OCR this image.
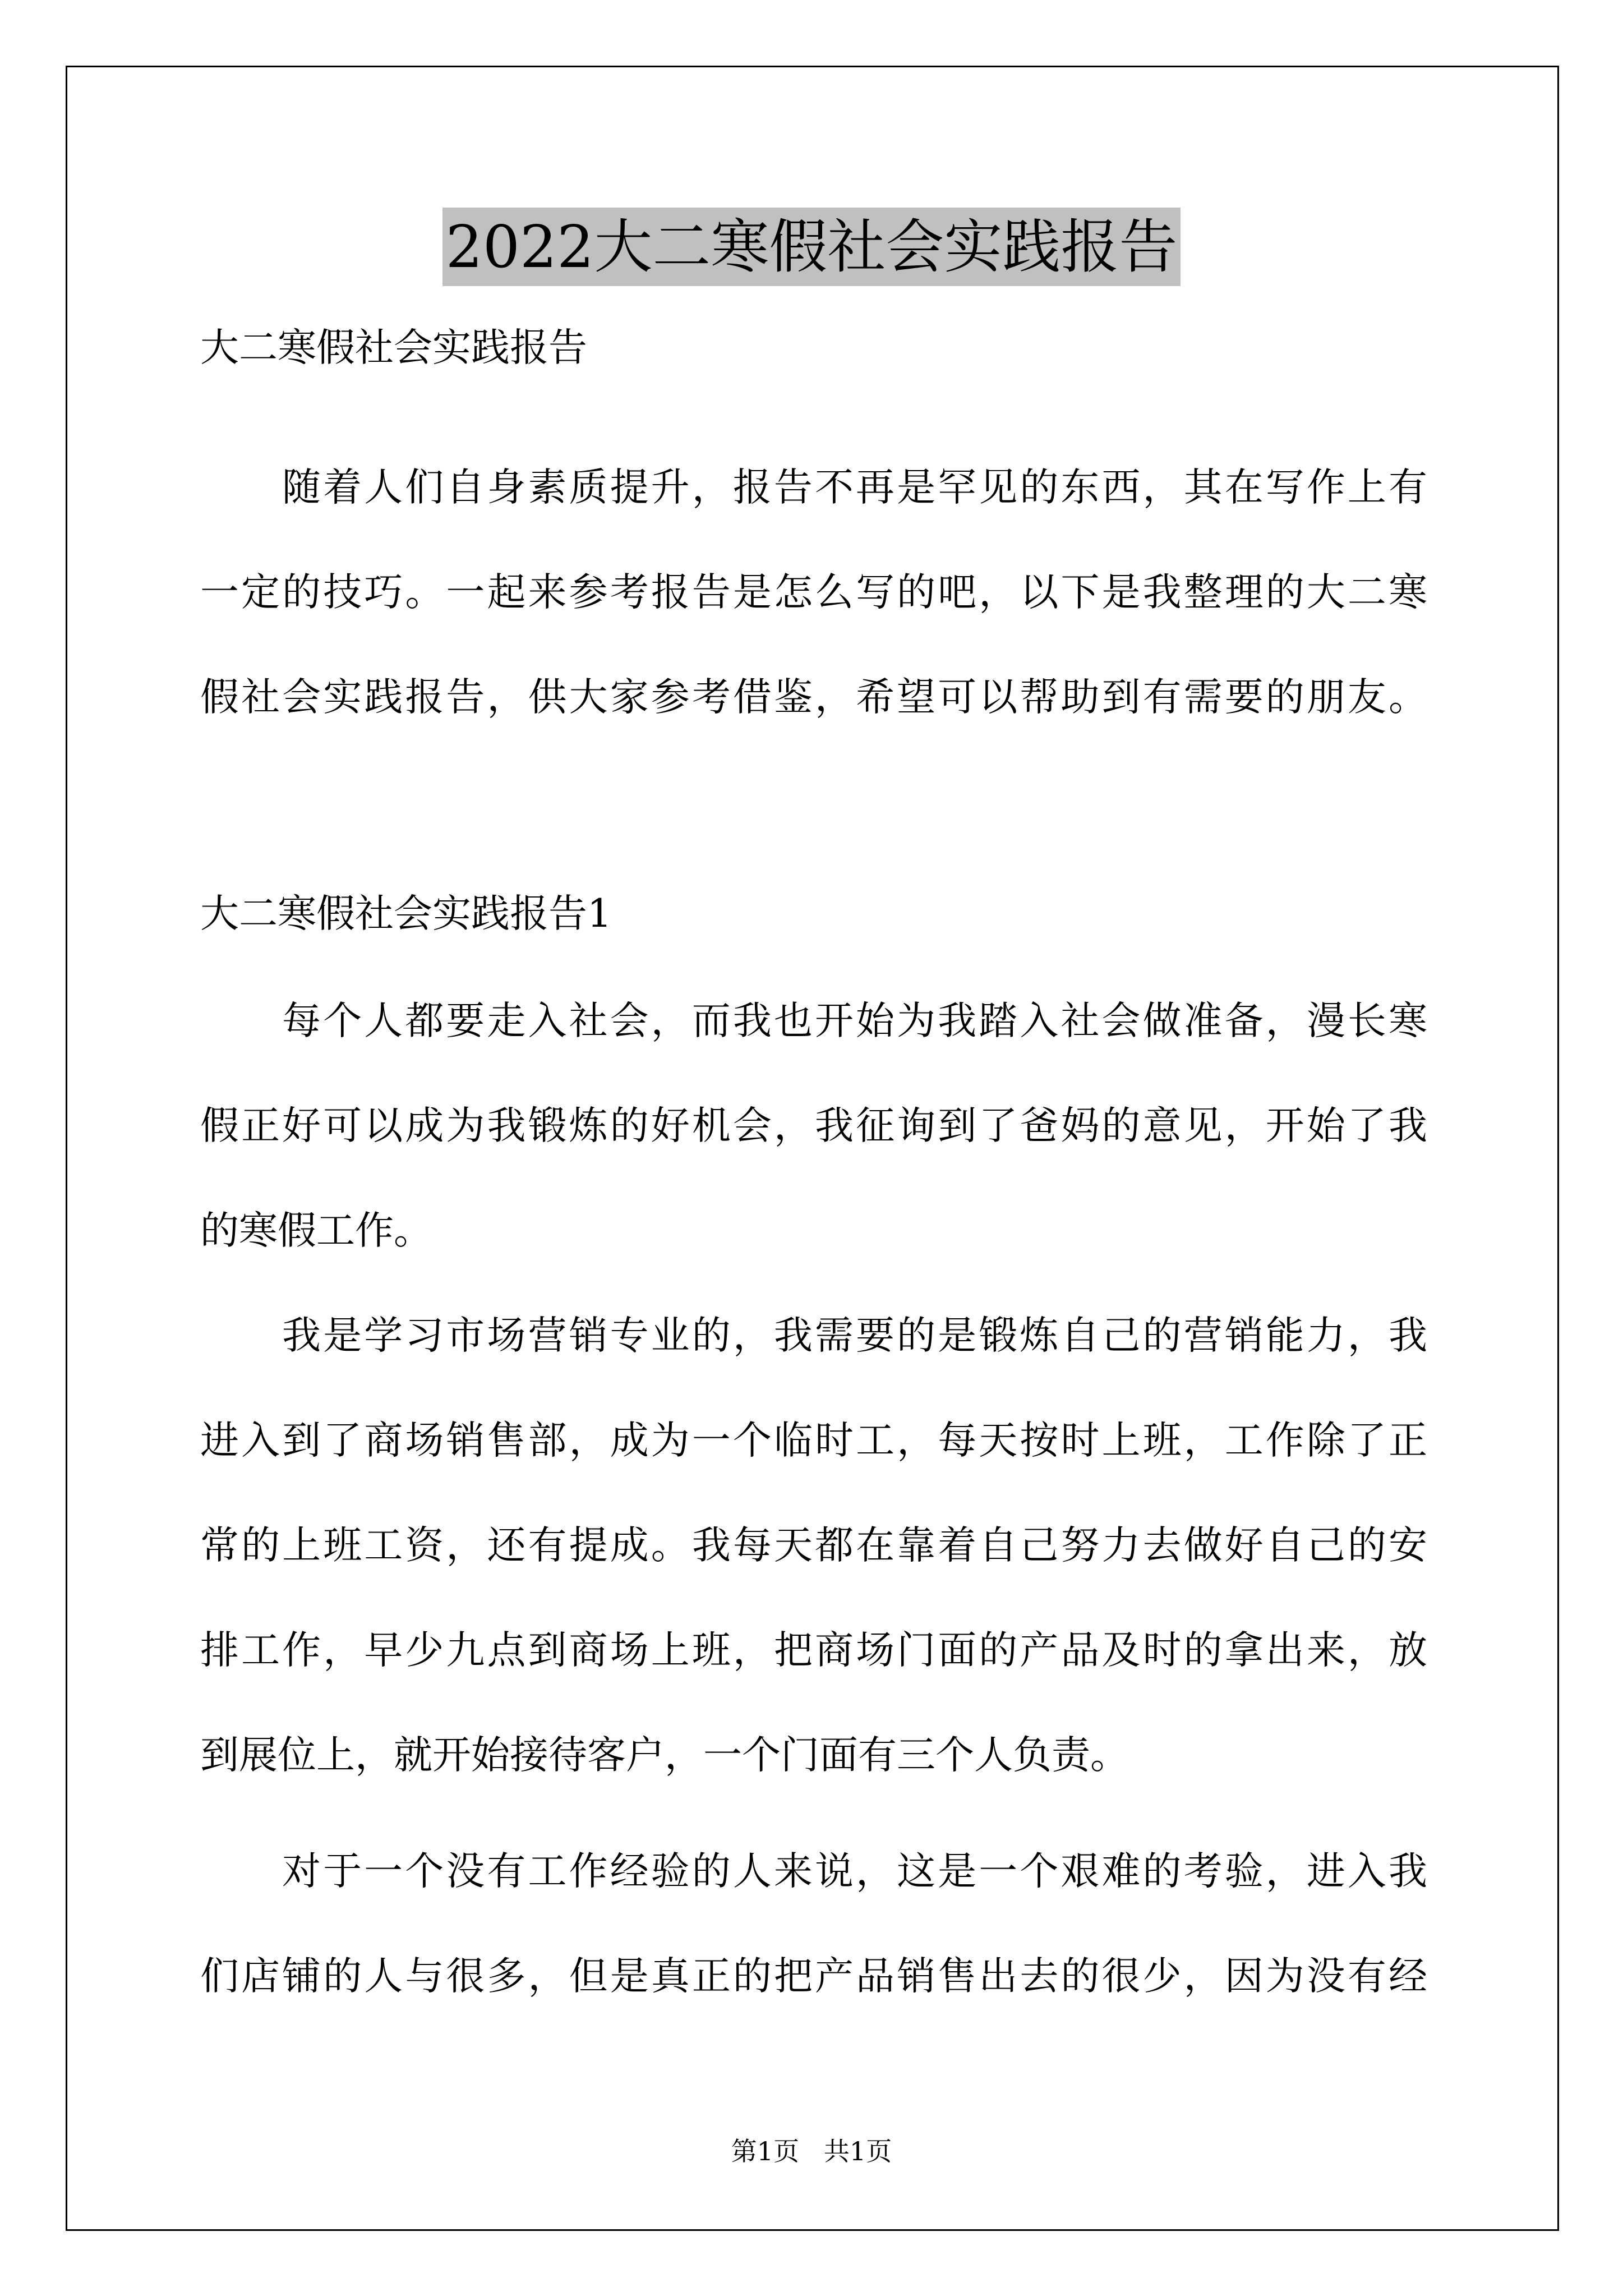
2022大二寒假社会实践报告
大二寒假社会实践报告
随着人们自身素质提升，报告不再是罕见的东西，其在写作上有
一定的技巧。一起来参考报告是怎么写的吧，以下是我整理的大二寒
假社会实践报告，供大家参考借鉴，希望可以帮助到有需要的朋友。
大二寒假社会实践报告1
每个人都要走入社会，而我也开始为我踏入社会做准备，漫长寒
假正好可以成为我锻炼的好机会，我征询到了爸妈的意见，开始了我
的寒假工作。
我是学习市场营销专业的，我需要的是锻炼自己的营销能力，我
进入到了商场销售部，成为一个临时工，每天按时上班，工作除了正
常的上班工资，还有提成。我每天都在靠着自己努力去做好自己的安
排工作，早少九点到商场上班，把商场门面的产品及时的拿出来，放
到展位上，就开始接待客户，一个门面有三个人负责。
对于一个没有工作经验的人来说，这是一个艰难的考验，进入我
们店铺的人与很多，但是真正的把产品销售出去的很少，因为没有经
第1页   共1页
